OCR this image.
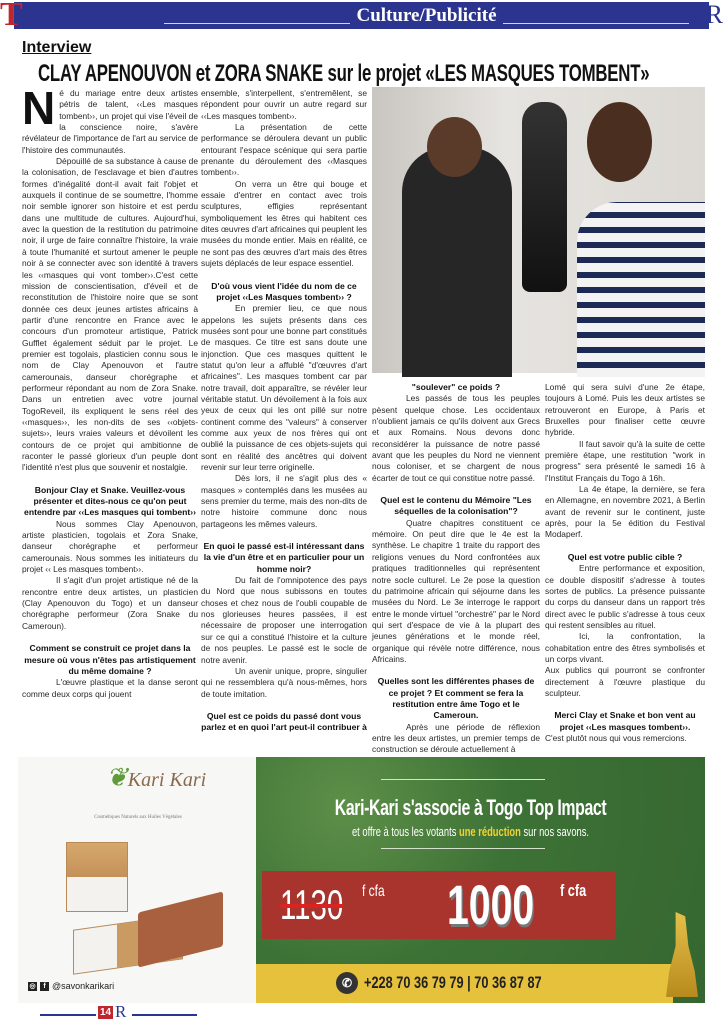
Culture/Publicité
T	R
Interview
CLAY APENOUVON et ZORA SNAKE sur le projet «LES MASQUES TOMBENT»

Né du mariage entre deux artistes pétris de talent, ‹‹Les masques tombent››, un projet qui vise l'éveil de la conscience noire, s'avère révélateur de l'importance de l'art au service de l'histoire des communautés.

Dépouillé de sa substance à cause de la colonisation, de l'esclavage et bien d'autres formes d'inégalité dont-il avait fait l'objet et auxquels il continue de se soumettre, l'homme noir semble ignorer son histoire et est perdu dans une multitude de cultures. Aujourd'hui, avec la question de la restitution du patrimoine noir, il urge de faire connaître l'histoire, la vraie à toute l'humanité et surtout amener le peuple noir à se connecter avec son identité à travers les ‹‹masques qui vont tomber››.C'est cette mission de conscientisation, d'éveil et de reconstitution de l'histoire noire que se sont donnée ces deux jeunes artistes africains à partir d'une rencontre en France avec le concours d'un promoteur artistique, Patrick Gufflet également séduit par le projet. Le premier est togolais, plasticien connu sous le nom de Clay Apenouvon et l'autre camerounais, danseur chorégraphe et performeur répondant au nom de Zora Snake. Dans un entretien avec votre journal TogoReveil, ils expliquent le sens réel des ‹‹masques››, les non-dits de ses ‹‹objets-sujets››, leurs vraies valeurs et dévoilent les contours de ce projet qui ambitionne de raconter le passé glorieux d'un peuple dont l'identité n'est plus que souvenir et nostalgie.

Bonjour Clay et Snake. Veuillez-vous présenter et dites-nous ce qu'on peut entendre par ‹‹Les masques qui tombent››

Nous sommes Clay Apenouvon, artiste plasticien, togolais et Zora Snake, danseur chorégraphe et performeur camerounais. Nous sommes les initiateurs du projet ‹‹ Les masques tombent››.

Il s'agit d'un projet artistique né de la rencontre entre deux artistes, un plasticien (Clay Apenouvon du Togo) et un danseur chorégraphe performeur (Zora Snake du Cameroun).

Comment se construit ce projet dans la mesure où vous n'êtes pas artistiquement du même domaine ?

L'œuvre plastique et la danse seront comme deux corps qui jouent

ensemble, s'interpellent, s'entremêlent, se répondent pour ouvrir un autre regard sur ‹‹Les masques tombent››.

La présentation de cette performance se déroulera devant un public entourant l'espace scénique qui sera partie prenante du déroulement des ‹‹Masques tombent››.

On verra un être qui bouge et essaie d'entrer en contact avec trois sculptures, effigies représentant symboliquement les êtres qui habitent ces dites œuvres d'art africaines qui peuplent les musées du monde entier. Mais en réalité, ce ne sont pas des œuvres d'art mais des êtres sujets déplacés de leur espace essentiel.

D'où vous vient l'idée du nom de ce projet ‹‹Les Masques tombent›› ?

En premier lieu, ce que nous appelons les sujets présents dans ces musées sont pour une bonne part constitués de masques. Ce titre est sans doute une injonction. Que ces masques quittent le statut qu'on leur a affublé "d'œuvres d'art africaines". Les masques tombent car par notre travail, doit apparaître, se révéler leur véritable statut. Un dévoilement à la fois aux yeux de ceux qui les ont pillé sur notre continent comme des "valeurs" à conserver comme aux yeux de nos frères qui ont oublié la puissance de ces objets-sujets qui sont en réalité des ancêtres qui doivent revenir sur leur terre originelle.

Dès lors, il ne s'agit plus des « masques » contemplés dans les musées au sens premier du terme, mais des non-dits de notre histoire commune donc nous partageons les mêmes valeurs.

En quoi le passé est-il intéressant dans la vie d'un être et en particulier pour un homme noir?

Du fait de l'omnipotence des pays du Nord que nous subissons en toutes choses et chez nous de l'oubli coupable de nos glorieuses heures passées, il est nécessaire de proposer une interrogation sur ce qui a constitué l'histoire et la culture de nos peuples. Le passé est le socle de notre avenir.

Un avenir unique, propre, singulier qui ne ressemblera qu'à nous-mêmes, hors de toute imitation.

Quel est ce poids du passé dont vous parlez et en quoi l'art peut-il contribuer à

"soulever" ce poids ?

Les passés de tous les peuples pèsent quelque chose. Les occidentaux n'oublient jamais ce qu'ils doivent aux Grecs et aux Romains. Nous devons donc reconsidérer la puissance de notre passé avant que les peuples du Nord ne viennent nous coloniser, et se chargent de nous écarter de tout ce qui constitue notre passé.

Quel est le contenu du Mémoire "Les séquelles de la colonisation"?

Quatre chapitres constituent ce mémoire. On peut dire que le 4e est la synthèse. Le chapitre 1 traite du rapport des religions venues du Nord confrontées aux pratiques traditionnelles qui représentent notre socle culturel. Le 2e pose la question du patrimoine africain qui séjourne dans les musées du Nord. Le 3e interroge le rapport entre le monde virtuel "orchestré" par le Nord qui sert d'espace de vie à la plupart des jeunes générations et le monde réel, organique qui révèle notre différence, nous Africains.

Quelles sont les différentes phases de ce projet ? Et comment se fera la restitution entre âme Togo et le Cameroun.

Après une période de réflexion entre les deux artistes, un premier temps de construction se déroule actuellement à

Lomé qui sera suivi d'une 2e étape, toujours à Lomé. Puis les deux artistes se retrouveront en Europe, à Paris et Bruxelles pour finaliser cette œuvre hybride.

Il faut savoir qu'à la suite de cette première étape, une restitution "work in progress" sera présenté le samedi 16 à l'Institut Français du Togo à 16h.

La 4e étape, la dernière, se fera en Allemagne, en novembre 2021, à Berlin avant de revenir sur le continent, juste après, pour la 5e édition du Festival Modaperf.

Quel est votre public cible ?

Entre performance et exposition, ce double dispositif s'adresse à toutes sortes de publics. La présence puissante du corps du danseur dans un rapport très direct avec le public s'adresse à tous ceux qui restent sensibles au rituel.

Ici, la confrontation, la cohabitation entre des êtres symbolisés et un corps vivant.

Aux publics qui pourront se confronter directement à l'œuvre plastique du sculpteur.

Merci Clay et Snake et bon vent au projet ‹‹Les masques tombent››.

C'est plutôt nous qui vous remercions.

❦Kari Kari
Cosmétiques Naturels aux Huiles Végétales
◎	f @savonkarikari
Kari-Kari s'associe à Togo Top Impact
et offre à tous les votants une réduction sur nos savons.
1130 f cfa 1000 f cfa
✆ +228 70 36 79 79 | 70 36 87 87
14 R
